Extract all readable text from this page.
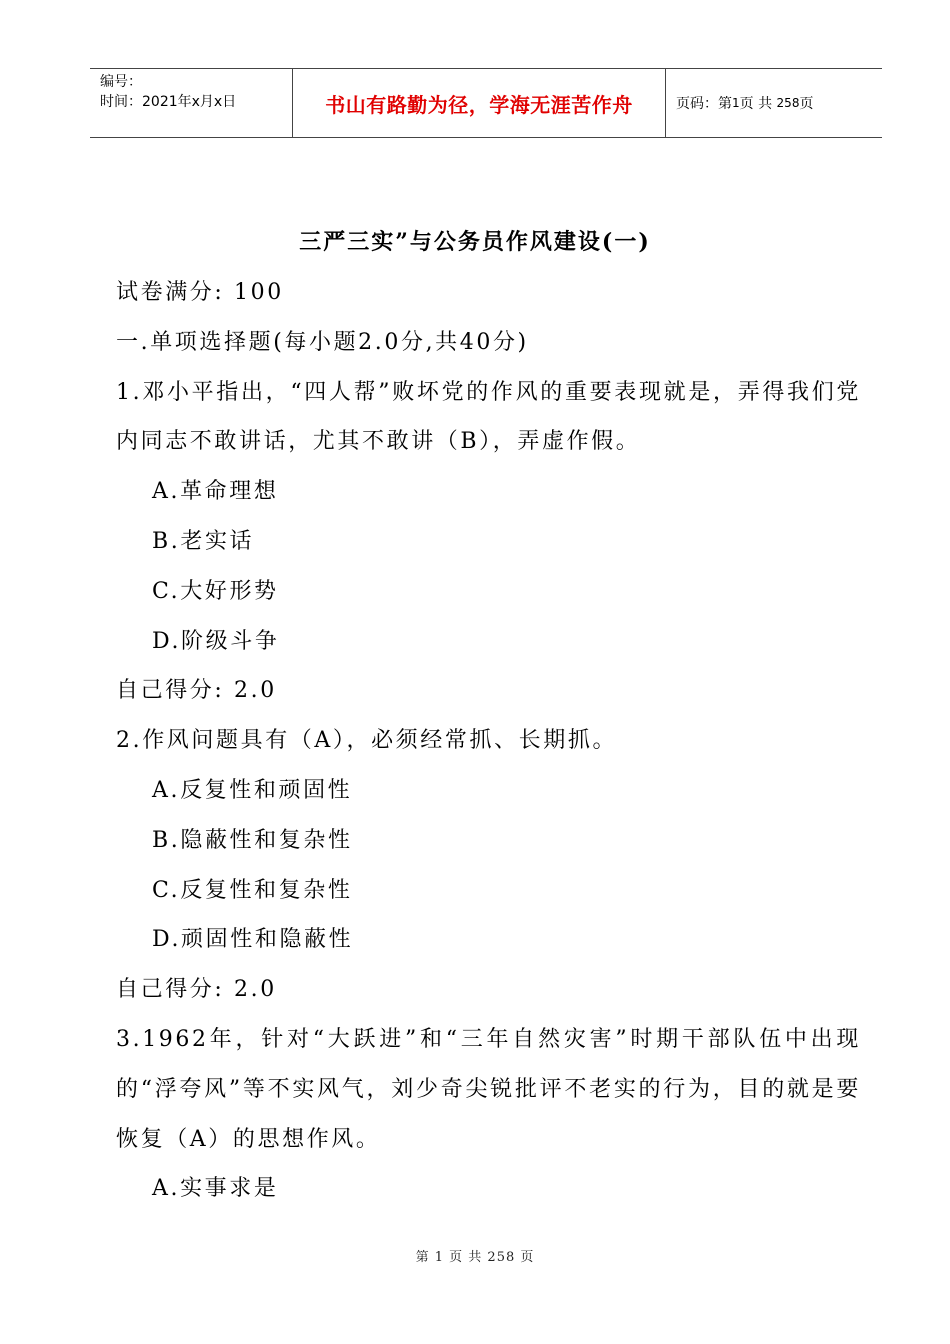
编号：
时间：2021年x月x日	书山有路勤为径，学海无涯苦作舟	页码：第 1 页 共
258 页
三严三实”与公务员作风建设(一)

试卷满分: 100

一.单项选择题(每小题2.0分,共40分)

1.邓小平指出，“四人帮”败坏党的作风的重要表现就是，弄得我们党内同志不敢讲话，尤其不敢讲（B），弄虚作假。

A.革命理想

B.老实话

C.大好形势

D.阶级斗争

自己得分: 2.0

2.作风问题具有（A），必须经常抓、长期抓。

A.反复性和顽固性

B.隐蔽性和复杂性

C.反复性和复杂性

D.顽固性和隐蔽性

自己得分: 2.0

3.1962年，针对“大跃进”和“三年自然灾害”时期干部队伍中出现的“浮夸风”等不实风气，刘少奇尖锐批评不老实的行为，目的就是要恢复（A）的思想作风。

A.实事求是

第 1 页 共 258 页
